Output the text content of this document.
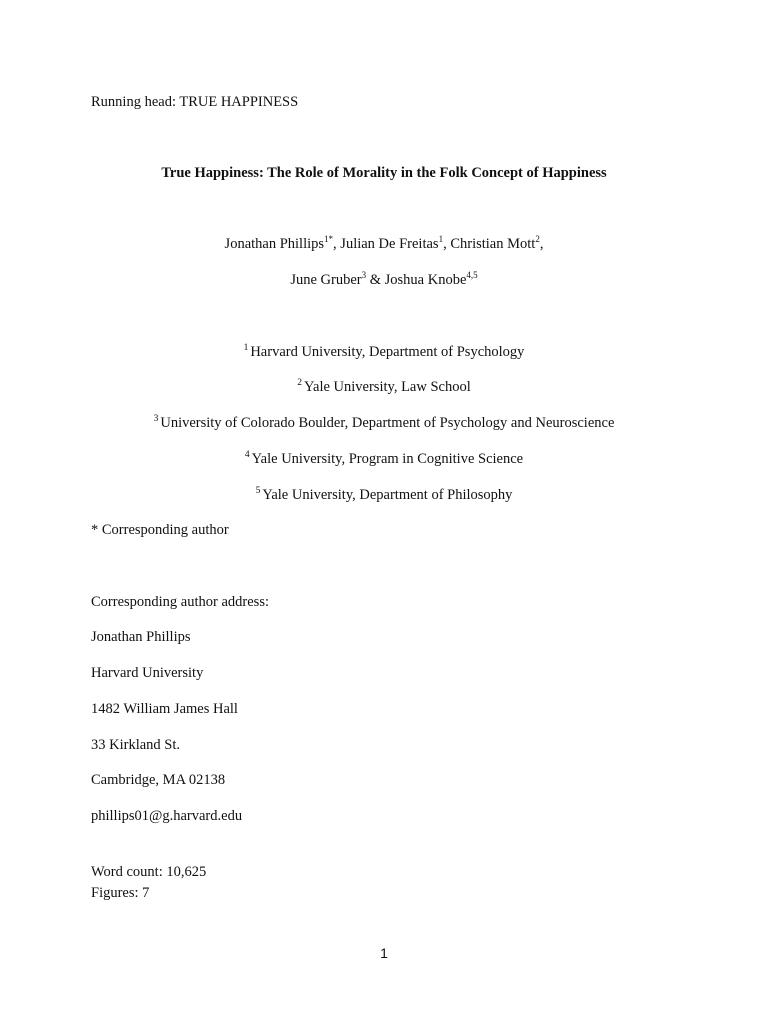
Running head: TRUE HAPPINESS
True Happiness: The Role of Morality in the Folk Concept of Happiness
Jonathan Phillips$^{1*}$, Julian De Freitas$^1$, Christian Mott$^2$,
June Gruber$^3$ & Joshua Knobe$^{4,5}$
$^1$ Harvard University, Department of Psychology
$^2$ Yale University, Law School
$^3$ University of Colorado Boulder, Department of Psychology and Neuroscience
$^4$ Yale University, Program in Cognitive Science
$^5$ Yale University, Department of Philosophy
* Corresponding author
Corresponding author address:
Jonathan Phillips
Harvard University
1482 William James Hall
33 Kirkland St.
Cambridge, MA 02138
phillips01@g.harvard.edu
Word count: 10,625
Figures: 7
1
